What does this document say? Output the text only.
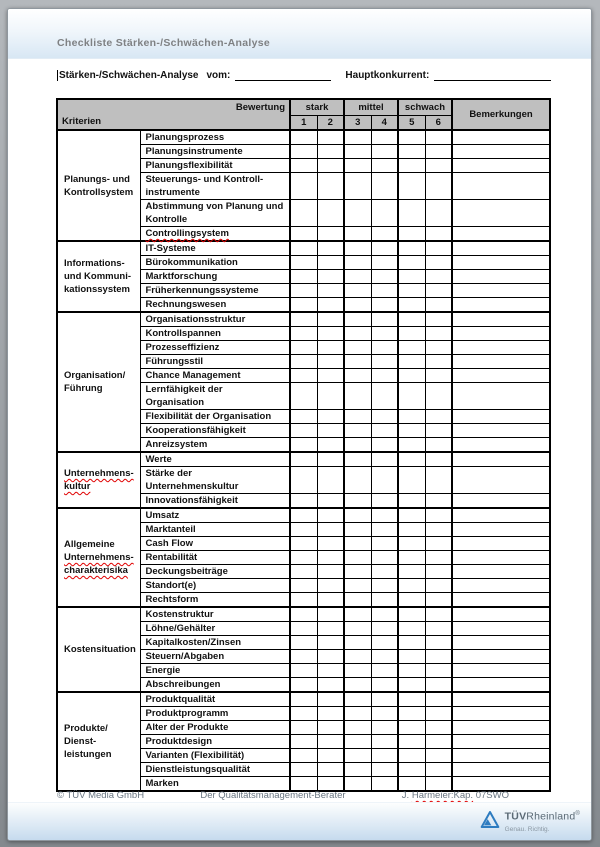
Checkliste Stärken-/Schwächen-Analyse
Stärken-/Schwächen-Analyse vom:	Hauptkonkurrent:
Bewertung
Kriterien		stark		mittel		schwach		Bemerkungen
		1	2	3	4	5	6	

Planungs- und
Kontrollsystem	Planungsprozess							

	Planungsinstrumente							

	Planungsflexibilität							

	Steuerungs- und Kontroll-
instrumente							

	Abstimmung von Planung und
Kontrolle							

	Controllingsystem							

Informations-
und Kommuni-
kationssystem	IT-Systeme							

	Bürokommunikation							

	Marktforschung							

	Früherkennungssysteme							

	Rechnungswesen							

Organisation/
Führung	Organisationsstruktur							

	Kontrollspannen							

	Prozesseffizienz							

	Führungsstil							

	Chance Management							

	Lernfähigkeit der
Organisation							

	Flexibilität der Organisation							

	Kooperationsfähigkeit							

	Anreizsystem							

Unternehmens-
kultur	Werte							

	Stärke der
Unternehmenskultur							

	Innovationsfähigkeit							

Allgemeine
Unternehmens-
charakterisika	Umsatz							

	Marktanteil							

	Cash Flow							

	Rentabilität							

	Deckungsbeiträge							

	Standort(e)							

	Rechtsform							

Kostensituation	Kostenstruktur							

	Löhne/Gehälter							

	Kapitalkosten/Zinsen							

	Steuern/Abgaben							

	Energie							

	Abschreibungen							

Produkte/
Dienst-
leistungen	Produktqualität							

	Produktprogramm							

	Alter der Produkte							

	Produktdesign							

	Varianten (Flexibilität)							

	Dienstleistungsqualität							

	Marken							

© TÜV Media GmbH	Der Qualitätsmanagement-Berater	J. Harmeier:Kap. 07SWO
TÜVRheinland®
Genau. Richtig.
